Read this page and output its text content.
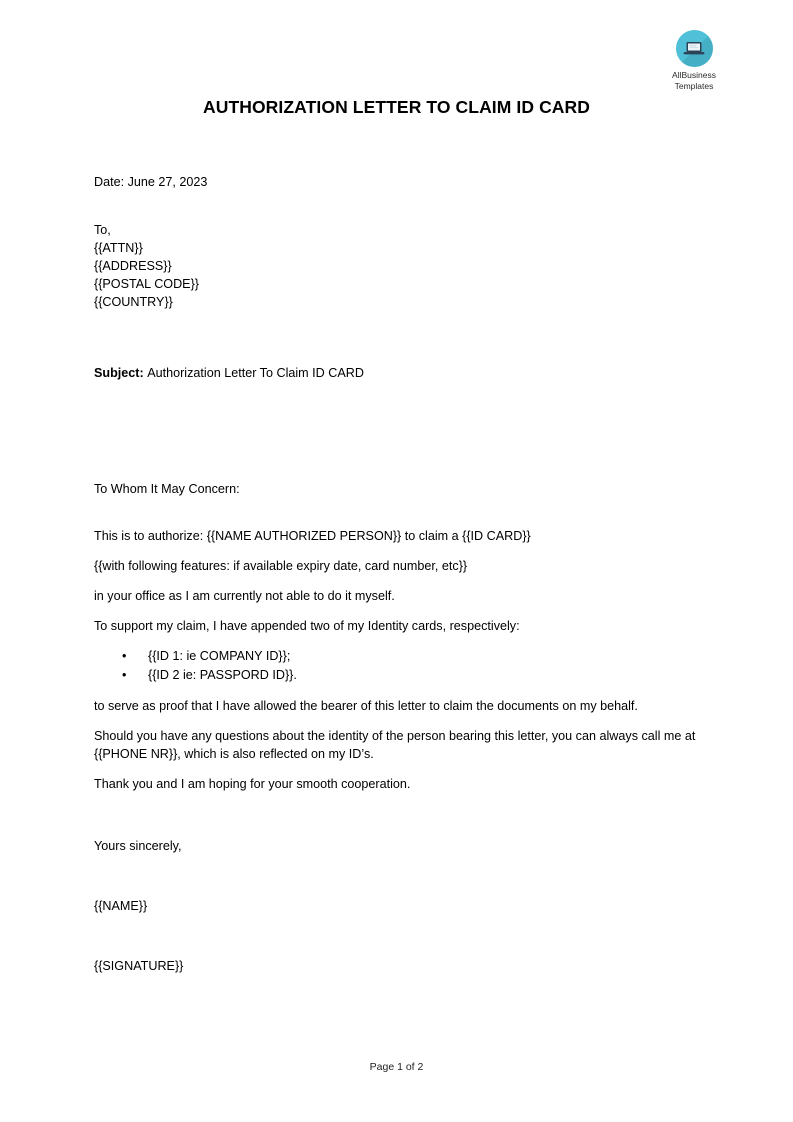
AllBusiness
Templates
AUTHORIZATION LETTER TO CLAIM ID CARD
Date: June 27, 2023
To,
{{ATTN}}
{{ADDRESS}}
{{POSTAL CODE}}
{{COUNTRY}}
Subject: Authorization Letter To Claim ID CARD
To Whom It May Concern:

This is to authorize: {{NAME AUTHORIZED PERSON}} to claim a {{ID CARD}}

{{with following features: if available expiry date, card number, etc}}

in your office as I am currently not able to do it myself.

To support my claim, I have appended two of my Identity cards, respectively:

• {{ID 1: ie COMPANY ID}};
• {{ID 2 ie: PASSPORD ID}}.

to serve as proof that I have allowed the bearer of this letter to claim the documents on my behalf.

Should you have any questions about the identity of the person bearing this letter, you can always call me at {{PHONE NR}}, which is also reflected on my ID’s.

Thank you and I am hoping for your smooth cooperation.

Yours sincerely,
{{NAME}}
{{SIGNATURE}}
Page 1 of 2
